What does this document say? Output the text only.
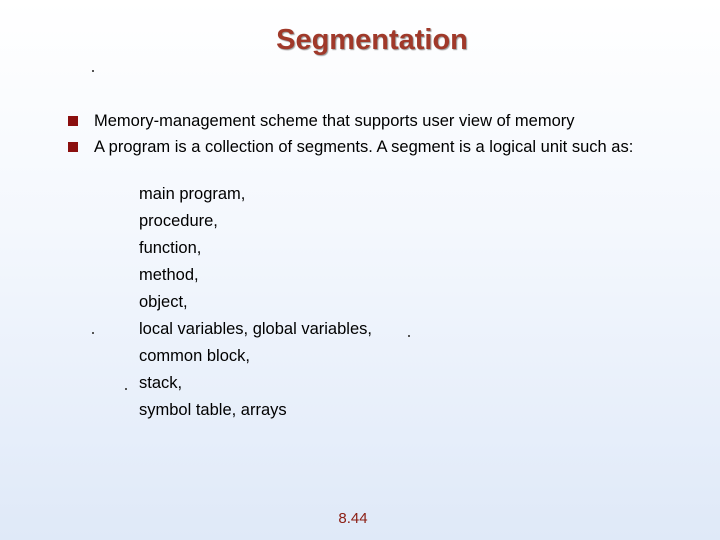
Segmentation
Memory-management scheme that supports user view of memory
A program is a collection of segments. A segment is a logical unit such as:
main program,
procedure,
function,
method,
object,
local variables, global variables,
common block,
stack,
symbol table, arrays
8.44
